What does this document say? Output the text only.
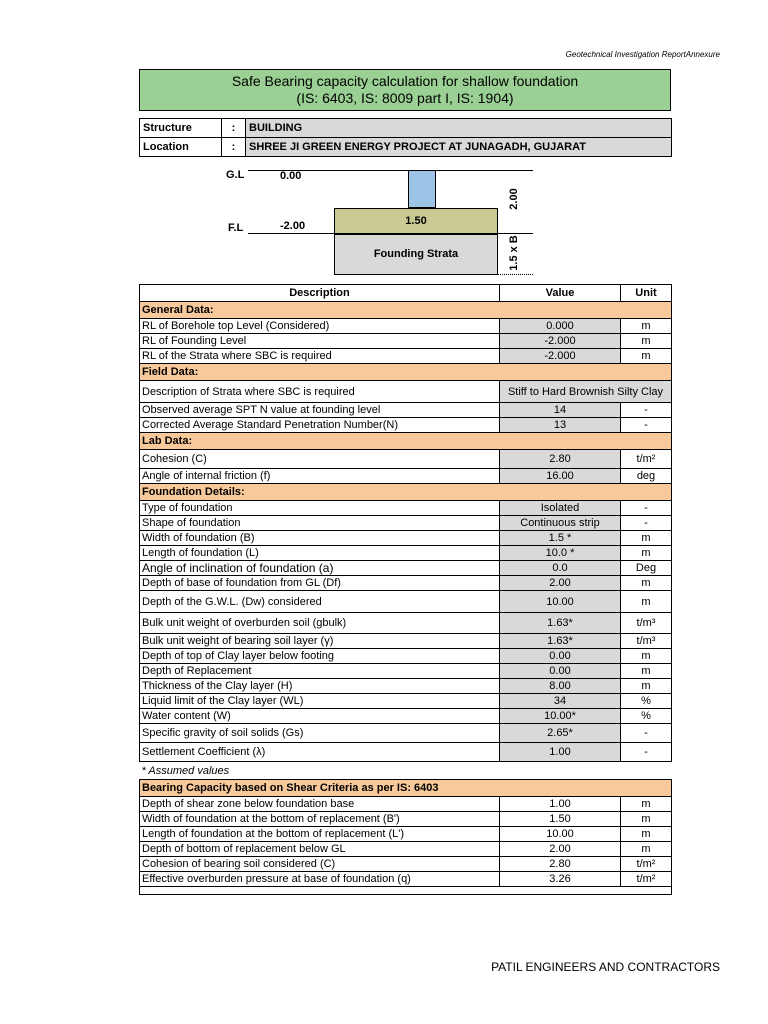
Geotechnical Investigation ReportAnnexure
Safe Bearing capacity calculation for shallow foundation
(IS: 6403, IS: 8009 part I, IS: 1904)
Structure	:	BUILDING
Location	:	SHREE JI GREEN ENERGY PROJECT AT JUNAGADH, GUJARAT
G.L	0.00
1.50
F.L	-2.00
Founding Strata
2.00
1.5 x B
Description	Value	Unit
General Data:		
RL of Borehole top Level (Considered)	0.000	m
RL of Founding Level	-2.000	m
RL of the Strata where SBC is required	-2.000	m
Field Data:		
Description of Strata where SBC is required	Stiff to Hard Brownish Silty Clay	
Observed average SPT N value at founding level	14	-
Corrected Average Standard Penetration Number(N)	13	-
Lab Data:		
Cohesion (C)	2.80	t/m²
Angle of internal friction (f)	16.00	deg
Foundation Details:		
Type of foundation	Isolated	-
Shape of foundation	Continuous strip	-
Width of foundation (B)	1.5 *	m
Length of foundation (L)	10.0 *	m
Angle of inclination of foundation (a)	0.0	Deg
Depth of base of foundation from GL (Df)	2.00	m
Depth of the G.W.L. (Dw) considered	10.00	m
Bulk unit weight of overburden soil (gbulk)	1.63*	t/m³
Bulk unit weight of bearing soil layer (γ)	1.63*	t/m³
Depth of top of Clay layer below footing	0.00	m
Depth of Replacement	0.00	m
Thickness of the Clay layer (H)	8.00	m
Liquid limit of the Clay layer (WL)	34	%
Water content (W)	10.00*	%
Specific gravity of soil solids (Gs)	2.65*	-
Settlement Coefficient (λ)	1.00	-
* Assumed values		
Bearing Capacity based on Shear Criteria as per IS: 6403		
Depth of shear zone below foundation base	1.00	m
Width of foundation at the bottom of replacement (B')	1.50	m
Length of foundation at the bottom of replacement (L')	10.00	m
Depth of bottom of replacement below GL	2.00	m
Cohesion of bearing soil considered (C)	2.80	t/m²
Effective overburden pressure at base of foundation (q)	3.26	t/m²

PATIL ENGINEERS AND CONTRACTORS
